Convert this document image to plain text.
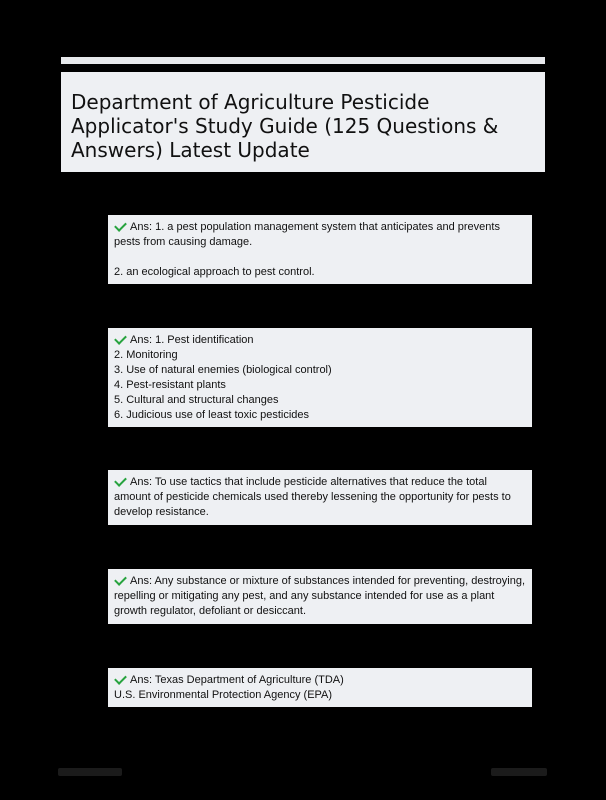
Department of Agriculture Pesticide Applicator's Study Guide (125 Questions & Answers) Latest Update
Ans: 1. a pest population management system that anticipates and prevents pests from causing damage.
2. an ecological approach to pest control.
Ans: 1. Pest identification
2. Monitoring
3. Use of natural enemies (biological control)
4. Pest-resistant plants
5. Cultural and structural changes
6. Judicious use of least toxic pesticides
Ans: To use tactics that include pesticide alternatives that reduce the total amount of pesticide chemicals used thereby lessening the opportunity for pests to develop resistance.
Ans: Any substance or mixture of substances intended for preventing, destroying, repelling or mitigating any pest, and any substance intended for use as a plant growth regulator, defoliant or desiccant.
Ans: Texas Department of Agriculture (TDA)
U.S. Environmental Protection Agency (EPA)
